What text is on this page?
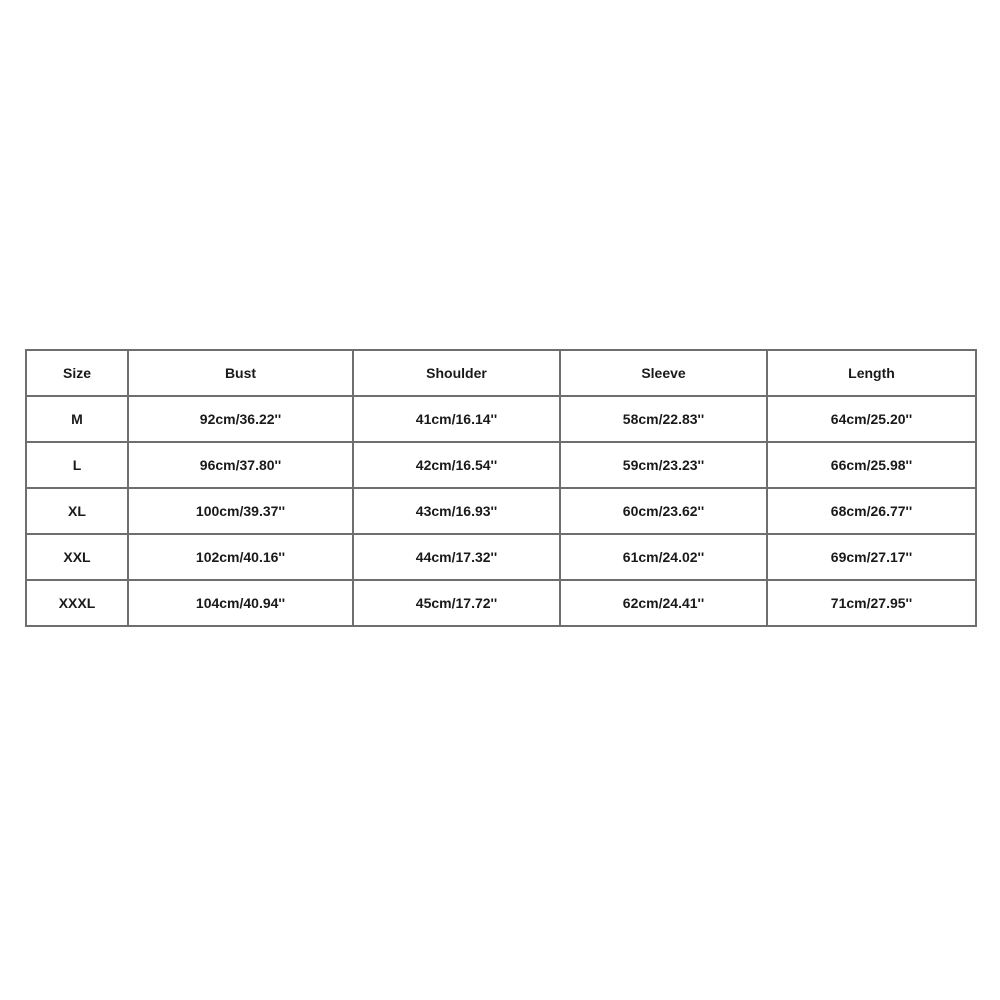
Size	Bust	Shoulder	Sleeve	Length
M	92cm/36.22''	41cm/16.14''	58cm/22.83''	64cm/25.20''
L	96cm/37.80''	42cm/16.54''	59cm/23.23''	66cm/25.98''
XL	100cm/39.37''	43cm/16.93''	60cm/23.62''	68cm/26.77''
XXL	102cm/40.16''	44cm/17.32''	61cm/24.02''	69cm/27.17''
XXXL	104cm/40.94''	45cm/17.72''	62cm/24.41''	71cm/27.95''
